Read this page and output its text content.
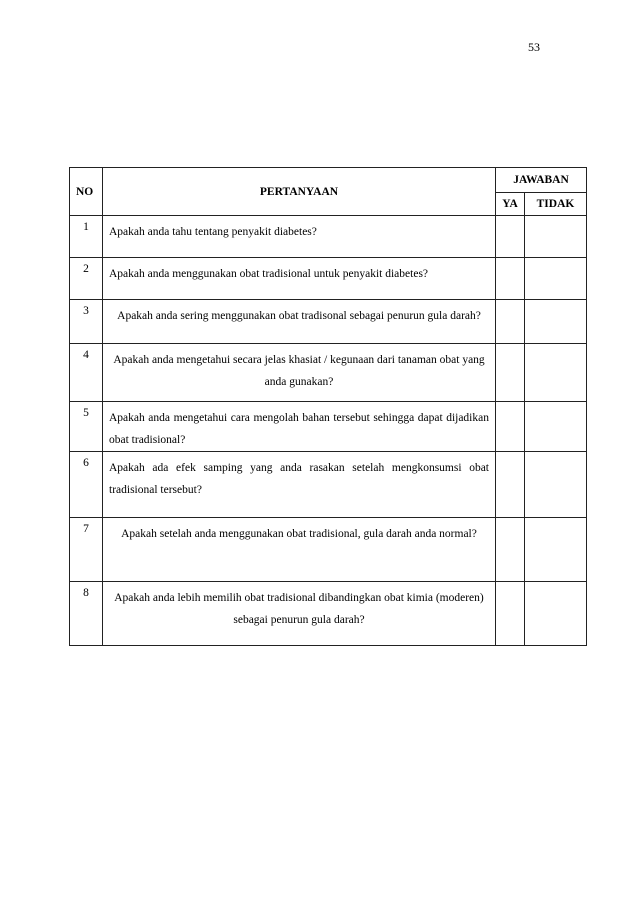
53
NO	PERTANYAAN	JAWABAN	
		YA	TIDAK
1	Apakah anda tahu tentang penyakit diabetes?		
2	Apakah anda menggunakan obat tradisional untuk penyakit diabetes?		
3	Apakah anda sering menggunakan obat tradisonal sebagai penurun gula darah?		
4	Apakah anda mengetahui secara jelas khasiat / kegunaan dari tanaman obat yang anda gunakan?		
5	Apakah anda mengetahui cara mengolah bahan tersebut sehingga dapat dijadikan obat tradisional?		
6	Apakah ada efek samping yang anda rasakan setelah mengkonsumsi obat tradisional tersebut?		
7	Apakah setelah anda menggunakan obat tradisional, gula darah anda normal?		
8	Apakah anda lebih memilih obat tradisional dibandingkan obat kimia (moderen) sebagai penurun gula darah?		
